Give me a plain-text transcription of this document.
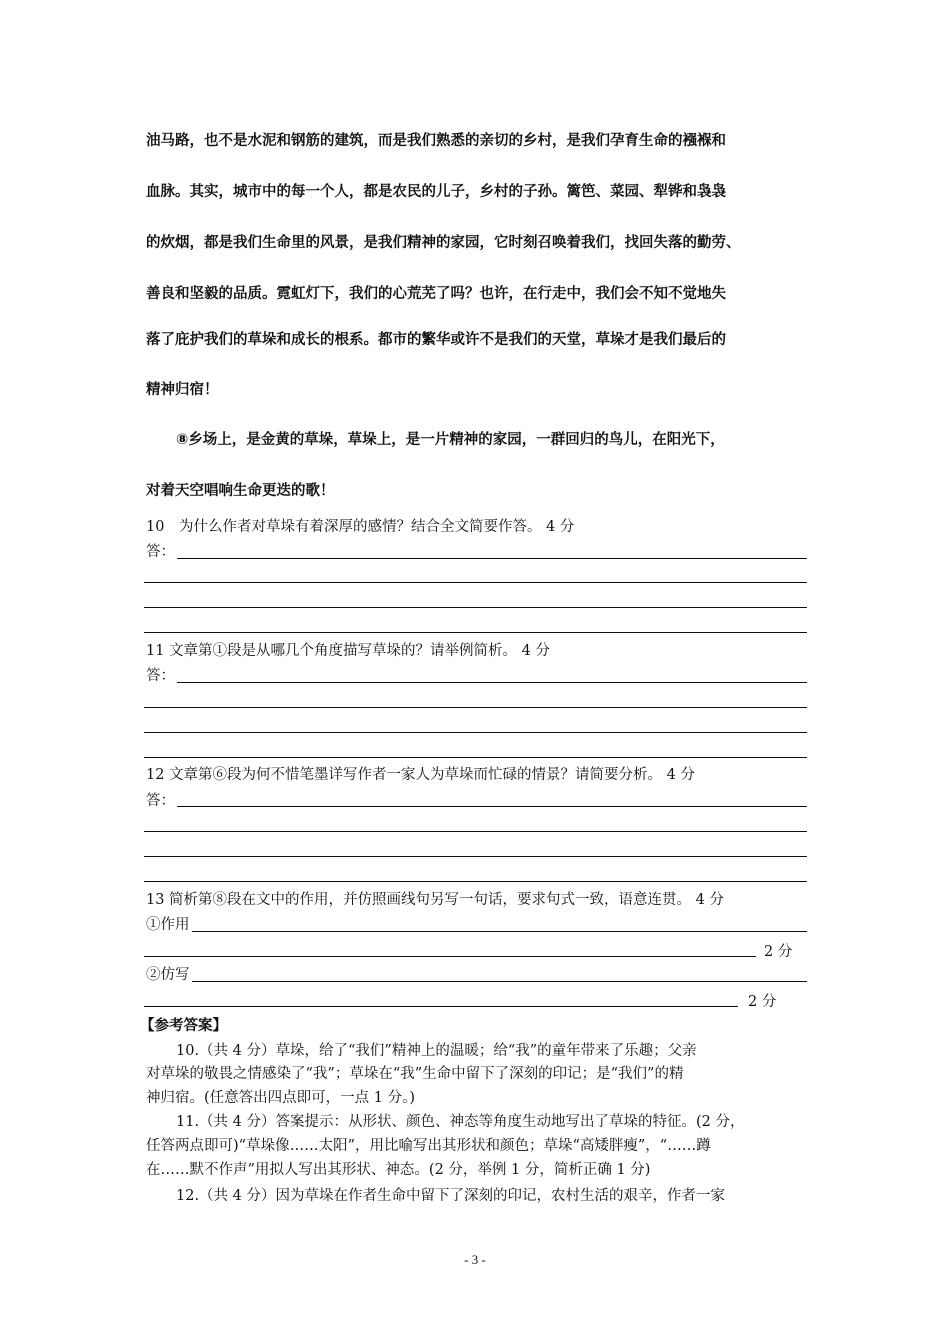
油马路，也不是水泥和钢筋的建筑，而是我们熟悉的亲切的乡村，是我们孕育生命的襁褓和
血脉。其实，城市中的每一个人，都是农民的儿子，乡村的子孙。篱笆、菜园、犁铧和袅袅
的炊烟，都是我们生命里的风景，是我们精神的家园，它时刻召唤着我们，找回失落的勤劳、
善良和坚毅的品质。霓虹灯下，我们的心荒芜了吗？也许，在行走中，我们会不知不觉地失
落了庇护我们的草垛和成长的根系。都市的繁华或许不是我们的天堂，草垛才是我们最后的
精神归宿！
⑧乡场上，是金黄的草垛，草垛上，是一片精神的家园，一群回归的鸟儿，在阳光下，
对着天空唱响生命更迭的歌！
10　为什么作者对草垛有着深厚的感情？结合全文简要作答。 4 分
答：
11 文章第①段是从哪几个角度描写草垛的？请举例简析。 4 分
答：
12 文章第⑥段为何不惜笔墨详写作者一家人为草垛而忙碌的情景？请简要分析。 4 分
答：
13 简析第⑧段在文中的作用，并仿照画线句另写一句话，要求句式一致，语意连贯。 4 分
①作用
2 分
②仿写
2 分
【参考答案】
10.（共 4 分）草垛，给了“我们”精神上的温暖；给“我”的童年带来了乐趣；父亲
对草垛的敬畏之情感染了“我”；草垛在“我”生命中留下了深刻的印记；是“我们”的精
神归宿。(任意答出四点即可，一点 1 分。)
11.（共 4 分）答案提示：从形状、颜色、神态等角度生动地写出了草垛的特征。(2 分，
任答两点即可)“草垛像……太阳”，用比喻写出其形状和颜色；草垛“高矮胖瘦”，“……蹲
在……默不作声”用拟人写出其形状、神态。(2 分，举例 1 分，简析正确 1 分)
12.（共 4 分）因为草垛在作者生命中留下了深刻的印记，农村生活的艰辛，作者一家
- 3 -
